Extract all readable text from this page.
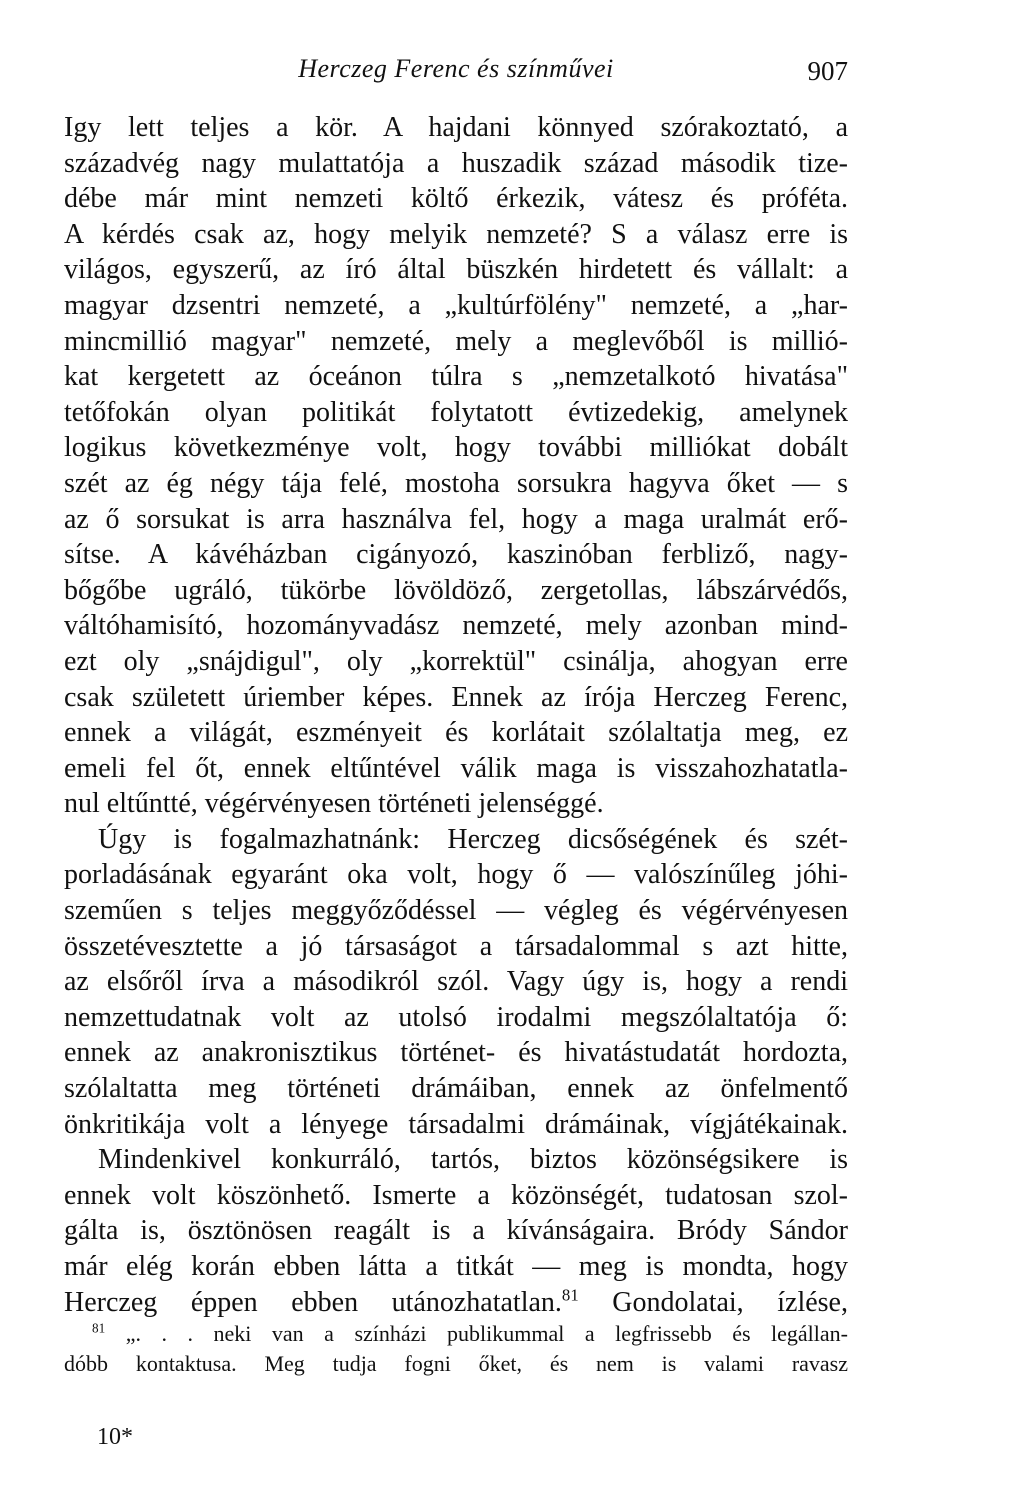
Herczeg Ferenc és színművei	907
Igy lett teljes a kör. A hajdani könnyed szórakoztató, a
századvég nagy mulattatója a huszadik század második tize-
débe már mint nemzeti költő érkezik, vátesz és próféta.
A kérdés csak az, hogy melyik nemzeté? S a válasz erre is
világos, egyszerű, az író által büszkén hirdetett és vállalt: a
magyar dzsentri nemzeté, a „kultúrfölény" nemzeté, a „har-
mincmillió magyar" nemzeté, mely a meglevőből is millió-
kat kergetett az óceánon túlra s „nemzetalkotó hivatása"
tetőfokán olyan politikát folytatott évtizedekig, amelynek
logikus következménye volt, hogy további milliókat dobált
szét az ég négy tája felé, mostoha sorsukra hagyva őket — s
az ő sorsukat is arra használva fel, hogy a maga uralmát erő-
sítse. A kávéházban cigányozó, kaszinóban ferbliző, nagy-
bőgőbe ugráló, tükörbe lövöldöző, zergetollas, lábszárvédős,
váltóhamisító, hozományvadász nemzeté, mely azonban mind-
ezt oly „snájdigul", oly „korrektül" csinálja, ahogyan erre
csak született úriember képes. Ennek az írója Herczeg Ferenc,
ennek a világát, eszményeit és korlátait szólaltatja meg, ez
emeli fel őt, ennek eltűntével válik maga is visszahozhatatla-
nul eltűntté, végérvényesen történeti jelenséggé.
Úgy is fogalmazhatnánk: Herczeg dicsőségének és szét-
porladásának egyaránt oka volt, hogy ő — valószínűleg jóhi-
szeműen s teljes meggyőződéssel — végleg és végérvényesen
összetévesztette a jó társaságot a társadalommal s azt hitte,
az elsőről írva a másodikról szól. Vagy úgy is, hogy a rendi
nemzettudatnak volt az utolsó irodalmi megszólaltatója ő:
ennek az anakronisztikus történet- és hivatástudatát hordozta,
szólaltatta meg történeti drámáiban, ennek az önfelmentő
önkritikája volt a lényege társadalmi drámáinak, vígjátékainak.
Mindenkivel konkurráló, tartós, biztos közönségsikere is
ennek volt köszönhető. Ismerte a közönségét, tudatosan szol-
gálta is, ösztönösen reagált is a kívánságaira. Bródy Sándor
már elég korán ebben látta a titkát — meg is mondta, hogy
Herczeg éppen ebben utánozhatatlan.$^{81}$ Gondolatai, ízlése,
$^{81}$ „. . . neki van a színházi publikummal a legfrissebb és legállan-
dóbb kontaktusa. Meg tudja fogni őket, és nem is valami ravasz
10*
